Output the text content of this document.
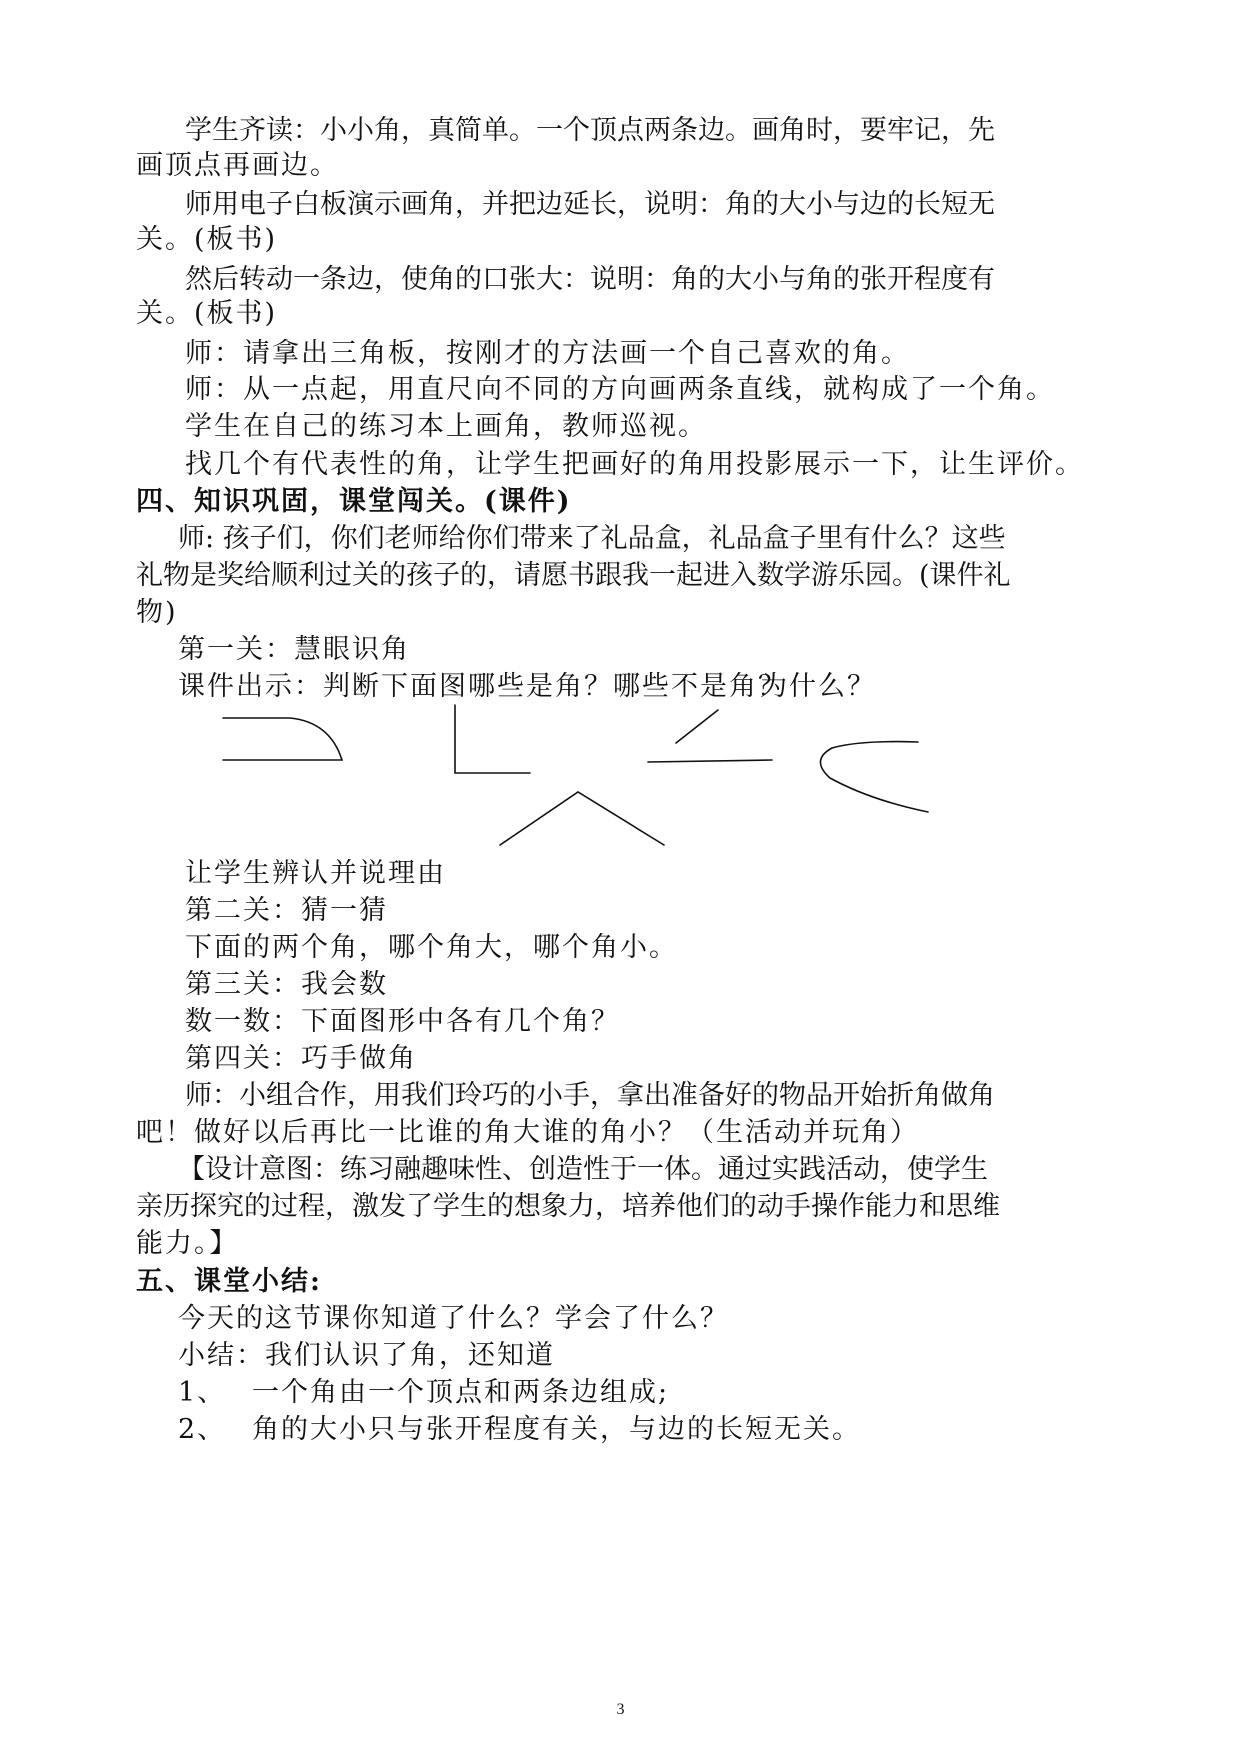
学生齐读：小小角，真简单。一个顶点两条边。画角时，要牢记，先
画顶点再画边。
师用电子白板演示画角，并把边延长，说明：角的大小与边的长短无
关。(板书)
然后转动一条边，使角的口张大：说明：角的大小与角的张开程度有
关。(板书)
师：请拿出三角板，按刚才的方法画一个自己喜欢的角。
师：从一点起，用直尺向不同的方向画两条直线，就构成了一个角。
学生在自己的练习本上画角，教师巡视。
找几个有代表性的角，让学生把画好的角用投影展示一下，让生评价。
四、知识巩固，课堂闯关。(课件)
师: 孩子们，你们老师给你们带来了礼品盒，礼品盒子里有什么？这些
礼物是奖给顺利过关的孩子的，请愿书跟我一起进入数学游乐园。(课件礼
物)
第一关：慧眼识角
课件出示：判断下面图哪些是角？哪些不是角？
为什么？
让学生辨认并说理由
第二关：猜一猜
下面的两个角，哪个角大，哪个角小。
第三关：我会数
数一数：下面图形中各有几个角？
第四关：巧手做角
师：小组合作，用我们玲巧的小手，拿出准备好的物品开始折角做角
吧！做好以后再比一比谁的角大谁的角小？（生活动并玩角）
【设计意图：练习融趣味性、创造性于一体。通过实践活动，使学生
亲历探究的过程，激发了学生的想象力，培养他们的动手操作能力和思维
能力。】
五、课堂小结:
今天的这节课你知道了什么？学会了什么？
小结：我们认识了角，还知道
1、 一个角由一个顶点和两条边组成;
2、 角的大小只与张开程度有关，与边的长短无关。
3
